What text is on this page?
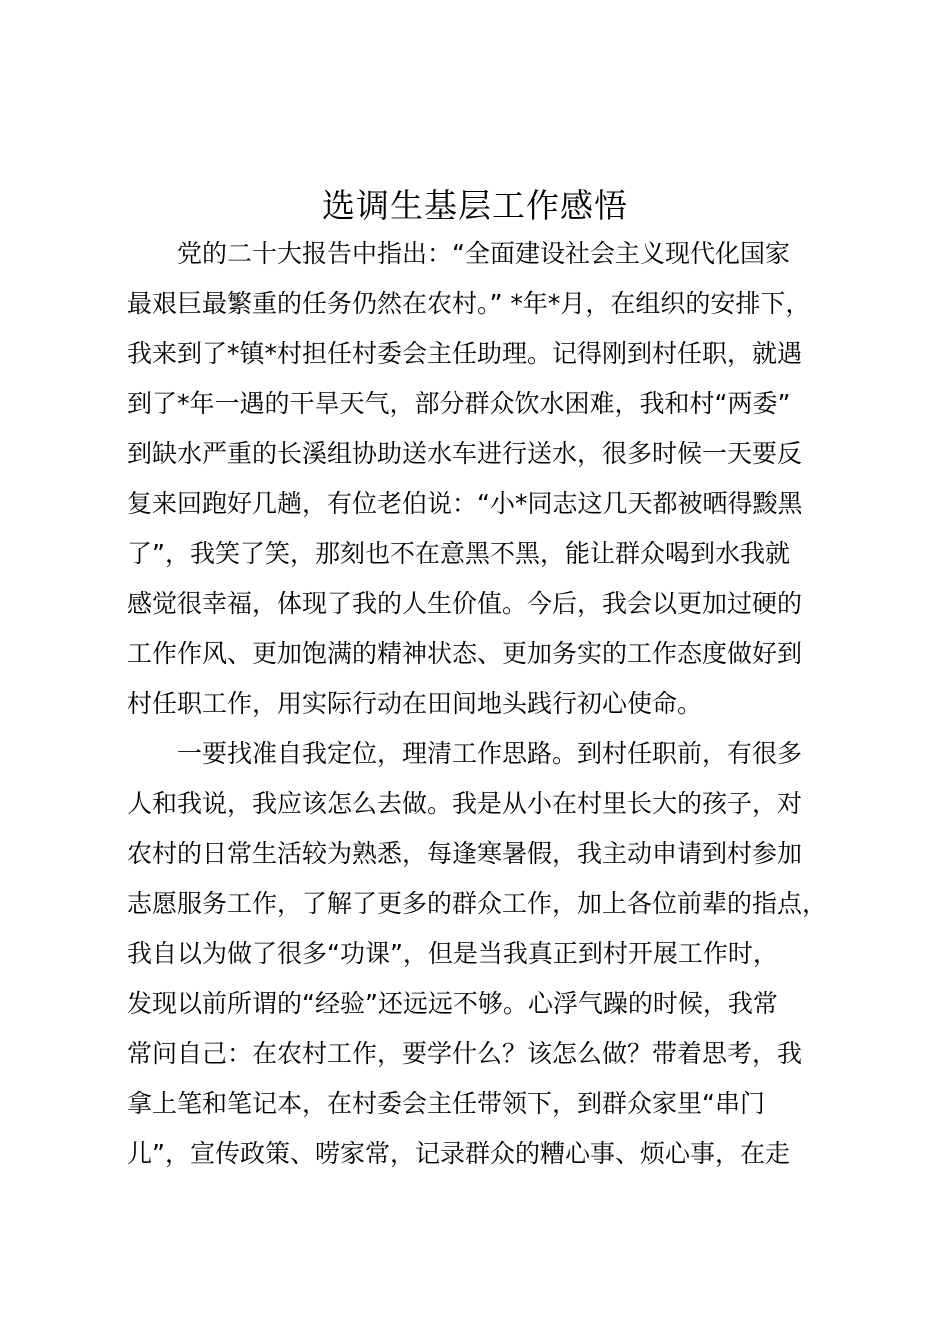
选调生基层工作感悟
党的二十大报告中指出：“全面建设社会主义现代化国家
最艰巨最繁重的任务仍然在农村。” *年*月，在组织的安排下，
我来到了*镇*村担任村委会主任助理。记得刚到村任职，就遇
到了*年一遇的干旱天气，部分群众饮水困难，我和村“两委”
到缺水严重的长溪组协助送水车进行送水，很多时候一天要反
复来回跑好几趟，有位老伯说：“小*同志这几天都被晒得黢黑
了”，我笑了笑，那刻也不在意黑不黑，能让群众喝到水我就
感觉很幸福，体现了我的人生价值。今后，我会以更加过硬的
工作作风、更加饱满的精神状态、更加务实的工作态度做好到
村任职工作，用实际行动在田间地头践行初心使命。
一要找准自我定位，理清工作思路。到村任职前，有很多
人和我说，我应该怎么去做。我是从小在村里长大的孩子，对
农村的日常生活较为熟悉，每逢寒暑假，我主动申请到村参加
志愿服务工作，了解了更多的群众工作，加上各位前辈的指点，
我自以为做了很多“功课”，但是当我真正到村开展工作时，
发现以前所谓的“经验”还远远不够。心浮气躁的时候，我常
常问自己：在农村工作，要学什么？该怎么做？带着思考，我
拿上笔和笔记本，在村委会主任带领下，到群众家里“串门
儿”，宣传政策、唠家常，记录群众的糟心事、烦心事，在走
